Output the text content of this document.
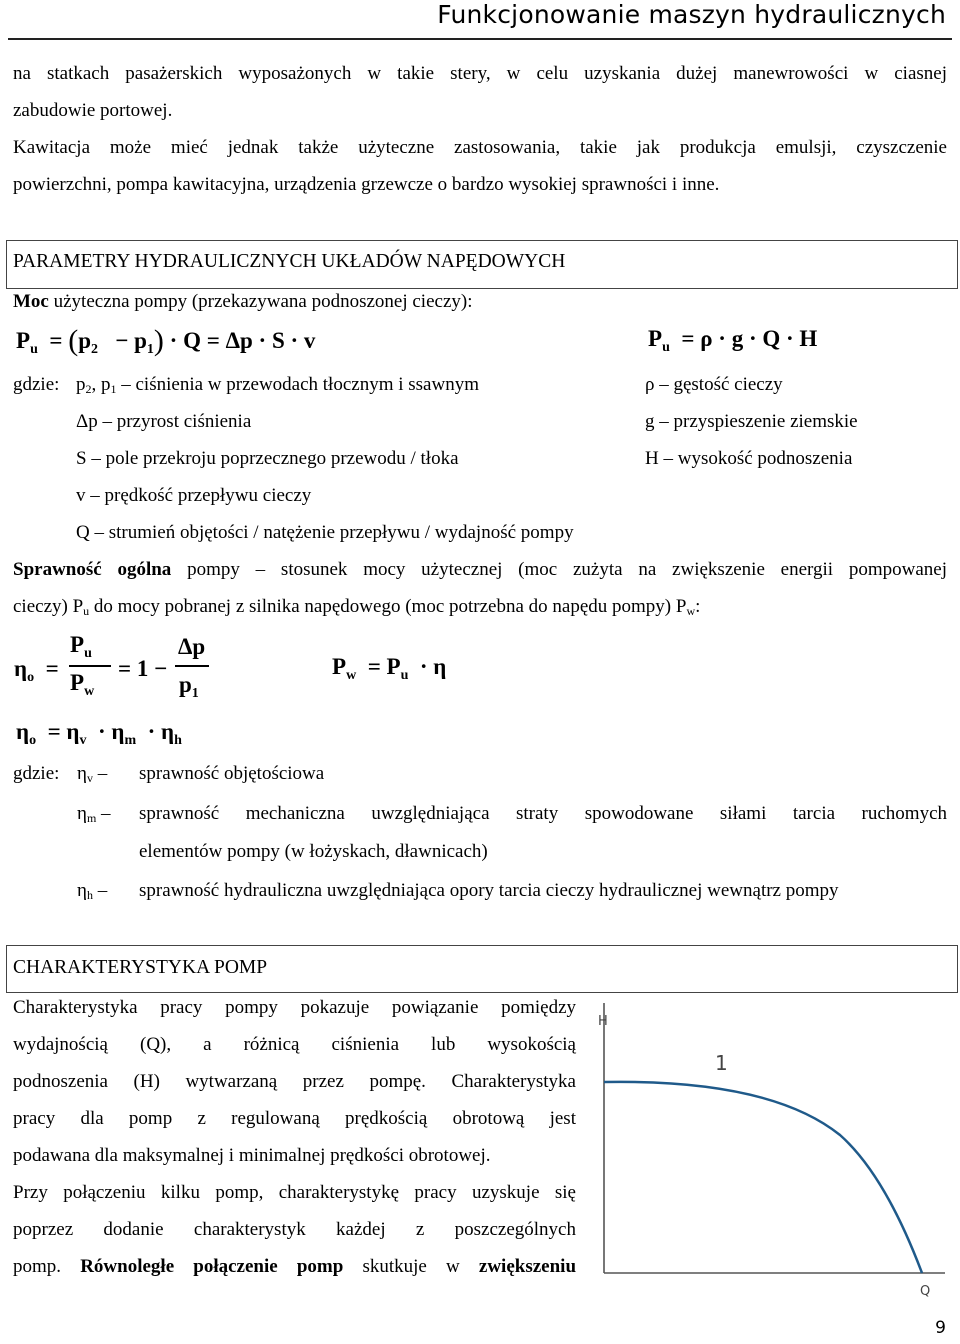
Funkcjonowanie maszyn hydraulicznych
na statkach pasażerskich wyposażonych w takie stery, w celu uzyskania dużej manewrowości w ciasnej
zabudowie portowej.
Kawitacja może mieć jednak także użyteczne zastosowania, takie jak produkcja emulsji, czyszczenie
powierzchni, pompa kawitacyjna, urządzenia grzewcze o bardzo wysokiej sprawności i inne.
PARAMETRY HYDRAULICZNYCH UKŁADÓW NAPĘDOWYCH
Moc użyteczna pompy (przekazywana podnoszonej cieczy):
$P_u = (p_2 - p_1) \cdot Q = \Delta p \cdot S \cdot v$	$P_u = \rho \cdot g \cdot Q \cdot H$
gdzie: p2, p1 – ciśnienia w przewodach tłocznym i ssawnym
Δp – przyrost ciśnienia
S – pole przekroju poprzecznego przewodu / tłoka
v – prędkość przepływu cieczy
Q – strumień objętości / natężenie przepływu / wydajność pompy
ρ – gęstość cieczy
g – przyspieszenie ziemskie
H – wysokość podnoszenia
Sprawność ogólna pompy – stosunek mocy użytecznej (moc zużyta na zwiększenie energii pompowanej
cieczy) Pu do mocy pobranej z silnika napędowego (moc potrzebna do napędu pompy) Pw:
$\eta_o$  =
$P_u$
$P_w$
= 1 −
Δp
$p_1$
$P_w = P_u \cdot \eta$
$\eta_o = \eta_v \cdot \eta_m \cdot \eta_h$
gdzie: ηv – sprawność objętościowa
ηm – sprawność mechaniczna uwzględniająca straty spowodowane siłami tarcia ruchomych
elementów pompy (w łożyskach, dławnicach)
ηh – sprawność hydrauliczna uwzględniająca opory tarcia cieczy hydraulicznej wewnątrz pompy
CHARAKTERYSTYKA POMP
Charakterystyka pracy pompy pokazuje powiązanie pomiędzy
wydajnością (Q), a różnicą ciśnienia lub wysokością
podnoszenia (H) wytwarzaną przez pompę. Charakterystyka
pracy dla pomp z regulowaną prędkością obrotową jest
podawana dla maksymalnej i minimalnej prędkości obrotowej.
Przy połączeniu kilku pomp, charakterystykę pracy uzyskuje się
poprzez dodanie charakterystyk każdej z poszczególnych
pomp. Równoległe połączenie pomp skutkuje w zwiększeniu
H
Q
1
9
